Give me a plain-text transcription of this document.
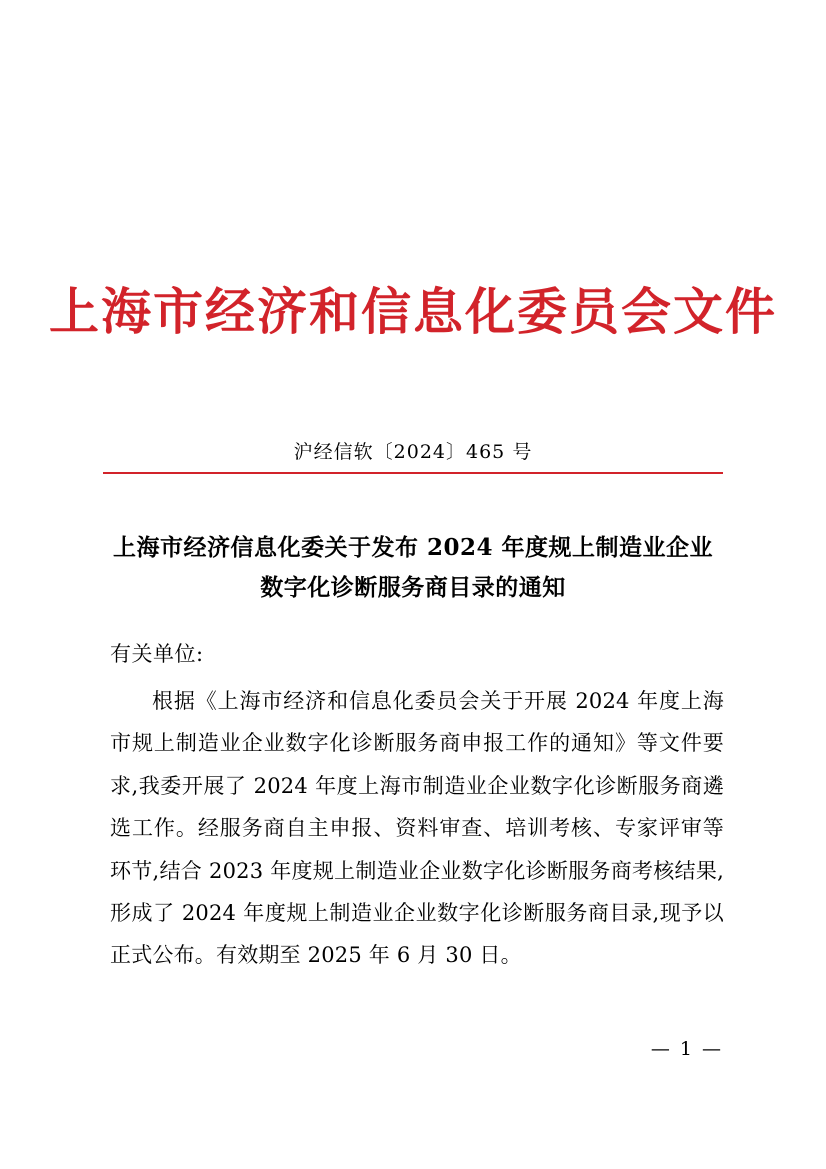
上海市经济和信息化委员会文件
沪经信软〔2024〕465 号
上海市经济信息化委关于发布 2024 年度规上制造业企业数字化诊断服务商目录的通知
有关单位:
根据《上海市经济和信息化委员会关于开展 2024 年度上海市规上制造业企业数字化诊断服务商申报工作的通知》等文件要求,我委开展了 2024 年度上海市制造业企业数字化诊断服务商遴选工作。经服务商自主申报、资料审查、培训考核、专家评审等环节,结合 2023 年度规上制造业企业数字化诊断服务商考核结果,形成了 2024 年度规上制造业企业数字化诊断服务商目录,现予以正式公布。有效期至 2025 年 6 月 30 日。
— 1 —
